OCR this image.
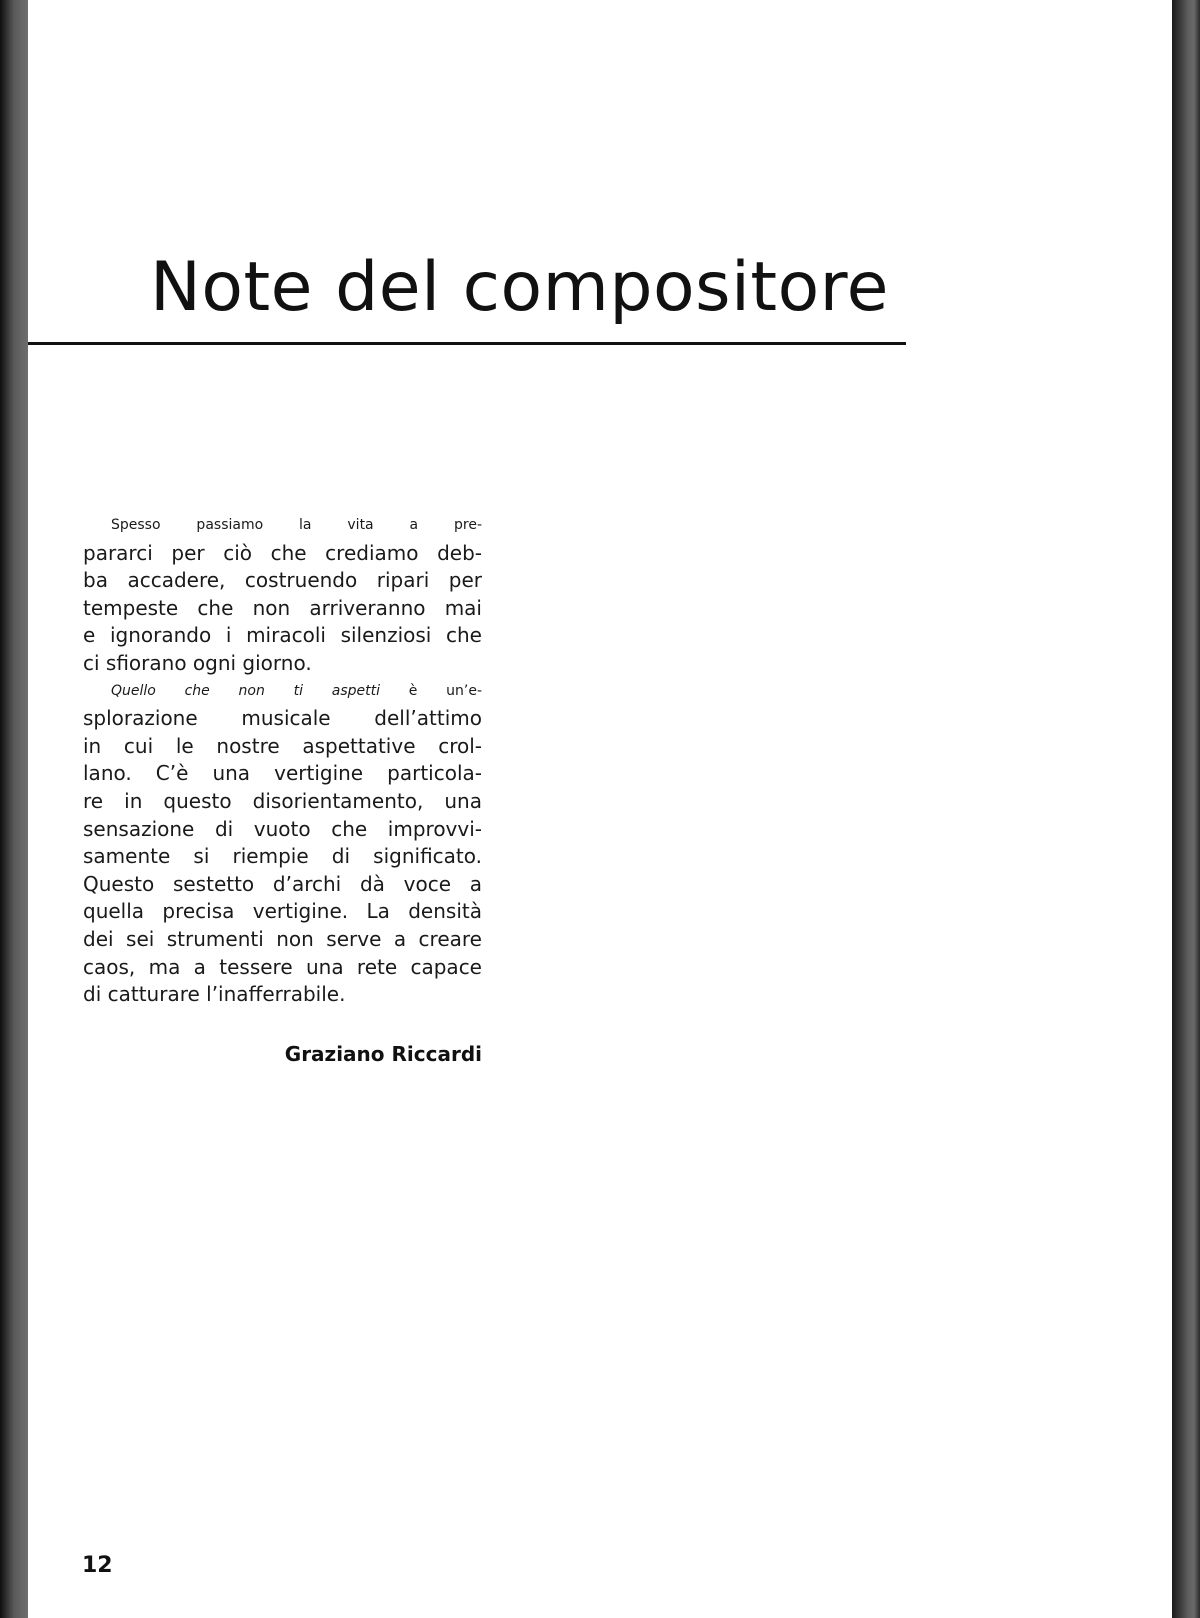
Note del compositore

Spesso passiamo la vita a pre-
pararci per ciò che crediamo deb-
ba accadere, costruendo ripari per
tempeste che non arriveranno mai
e ignorando i miracoli silenziosi che
ci sfiorano ogni giorno.

Quello che non ti aspetti è un’e-
splorazione musicale dell’attimo
in cui le nostre aspettative crol-
lano. C’è una vertigine particola-
re in questo disorientamento, una
sensazione di vuoto che improvvi-
samente si riempie di significato.
Questo sestetto d’archi dà voce a
quella precisa vertigine. La densità
dei sei strumenti non serve a creare
caos, ma a tessere una rete capace
di catturare l’inafferrabile.

Graziano Riccardi
12
